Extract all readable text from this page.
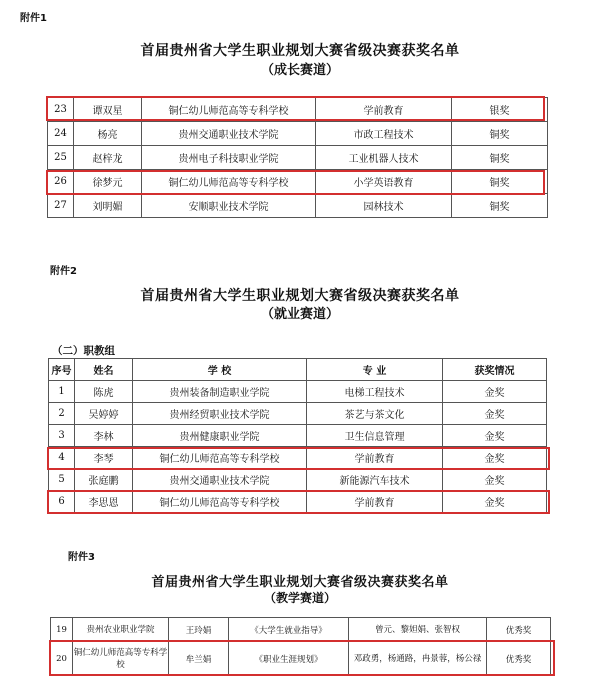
附件1
首届贵州省大学生职业规划大赛省级决赛获奖名单
（成长赛道）
23	谭双星	铜仁幼儿师范高等专科学校	学前教育	银奖
24	杨亮	贵州交通职业技术学院	市政工程技术	铜奖
25	赵梓龙	贵州电子科技职业学院	工业机器人技术	铜奖
26	徐梦元	铜仁幼儿师范高等专科学校	小学英语教育	铜奖
27	刘明媚	安顺职业技术学院	园林技术	铜奖
附件2
首届贵州省大学生职业规划大赛省级决赛获奖名单
（就业赛道）
（二）职教组
序号	姓名	学 校	专 业	获奖情况
1	陈虎	贵州装备制造职业学院	电梯工程技术	金奖
2	吴婷婷	贵州经贸职业技术学院	茶艺与茶文化	金奖
3	李林	贵州健康职业学院	卫生信息管理	金奖
4	李琴	铜仁幼儿师范高等专科学校	学前教育	金奖
5	张庭鹏	贵州交通职业技术学院	新能源汽车技术	金奖
6	李思恩	铜仁幼儿师范高等专科学校	学前教育	金奖
附件3
首届贵州省大学生职业规划大赛省级决赛获奖名单
（教学赛道）
19	贵州农业职业学院	王玲娟	《大学生就业指导》	曾元、黎妲娟、张智权	优秀奖
20	铜仁幼儿师范高等专科学校	牟兰娟	《职业生涯规划》	邓政勇，杨通路，冉景蓉，杨公禄	优秀奖
